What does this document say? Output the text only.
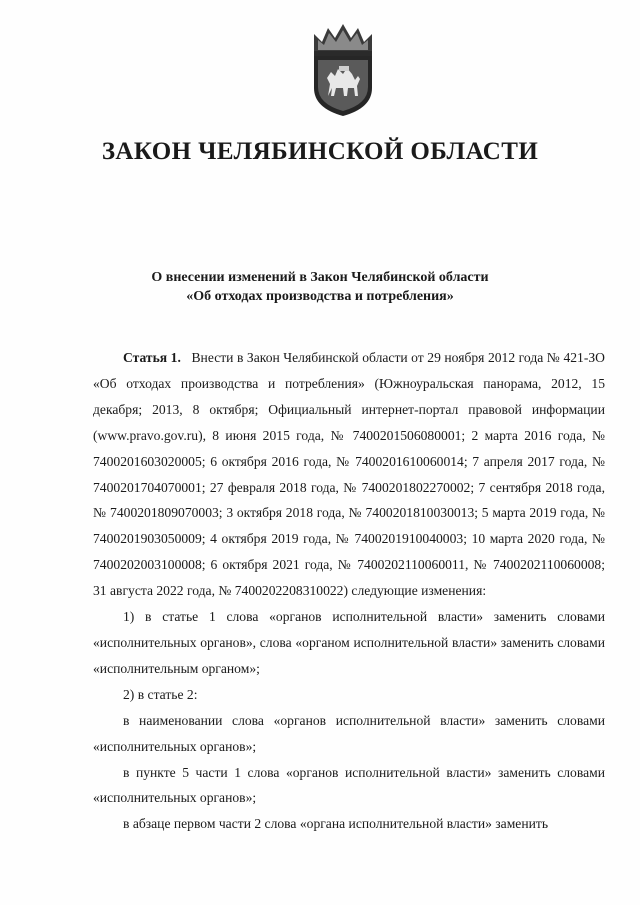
ЗАКОН ЧЕЛЯБИНСКОЙ ОБЛАСТИ
О внесении изменений в Закон Челябинской области
«Об отходах производства и потребления»

Статья 1. Внести в Закон Челябинской области от 29 ноября 2012 года № 421-ЗО «Об отходах производства и потребления» (Южноуральская панорама, 2012, 15 декабря; 2013, 8 октября; Официальный интернет-портал правовой информации (www.pravo.gov.ru), 8 июня 2015 года, № 7400201506080001; 2 марта 2016 года, № 7400201603020005; 6 октября 2016 года, № 7400201610060014; 7 апреля 2017 года, № 7400201704070001; 27 февраля 2018 года, № 7400201802270002; 7 сентября 2018 года, № 7400201809070003; 3 октября 2018 года, № 7400201810030013; 5 марта 2019 года, № 7400201903050009; 4 октября 2019 года, № 7400201910040003; 10 марта 2020 года, № 7400202003100008; 6 октября 2021 года, № 7400202110060011, № 7400202110060008; 31 августа 2022 года, № 7400202208310022) следующие изменения:

1) в статье 1 слова «органов исполнительной власти» заменить словами «исполнительных органов», слова «органом исполнительной власти» заменить словами «исполнительным органом»;

2) в статье 2:

в наименовании слова «органов исполнительной власти» заменить словами «исполнительных органов»;

в пункте 5 части 1 слова «органов исполнительной власти» заменить словами «исполнительных органов»;

в абзаце первом части 2 слова «органа исполнительной власти» заменить
